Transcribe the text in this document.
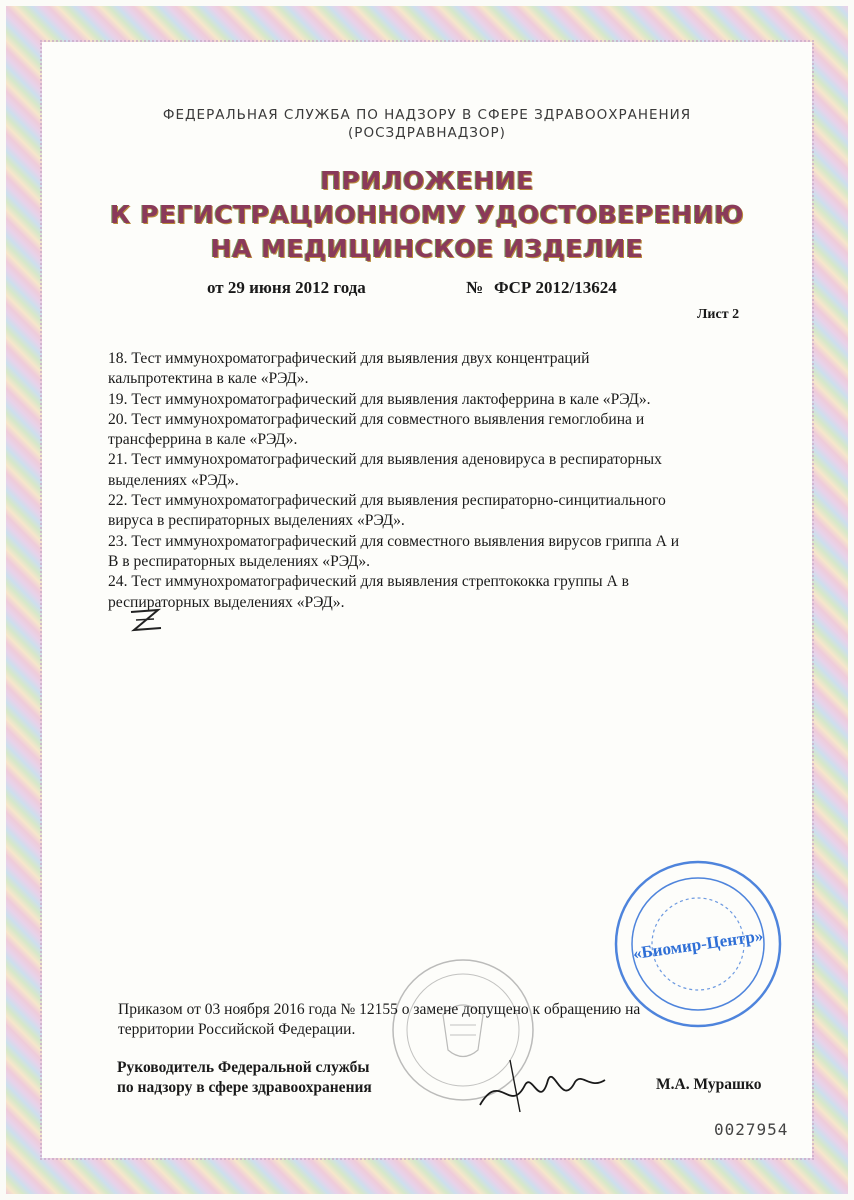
ФЕДЕРАЛЬНАЯ СЛУЖБА ПО НАДЗОРУ В СФЕРЕ ЗДРАВООХРАНЕНИЯ
(РОСЗДРАВНАДЗОР)
ПРИЛОЖЕНИЕ
К РЕГИСТРАЦИОННОМУ УДОСТОВЕРЕНИЮ
НА МЕДИЦИНСКОЕ ИЗДЕЛИЕ
от 29 июня 2012 года	№ ФСР 2012/13624
Лист 2
18. Тест иммунохроматографический для выявления двух концентраций
кальпротектина в кале «РЭД».
19. Тест иммунохроматографический для выявления лактоферрина в кале «РЭД».
20. Тест иммунохроматографический для совместного выявления гемоглобина и
трансферрина в кале «РЭД».
21. Тест иммунохроматографический для выявления аденовируса в респираторных
выделениях «РЭД».
22. Тест иммунохроматографический для выявления респираторно-синцитиального
вируса в респираторных выделениях «РЭД».
23. Тест иммунохроматографический для совместного выявления вирусов гриппа А и
В в респираторных выделениях «РЭД».
24. Тест иммунохроматографический для выявления стрептококка группы А в
респираторных выделениях «РЭД».
«Биомир-Центр»
Приказом от 03 ноября 2016 года № 12155 о замене допущено к обращению на
территории Российской Федерации.
Руководитель Федеральной службы
по надзору в сфере здравоохранения	М.А. Мурашко
0027954
